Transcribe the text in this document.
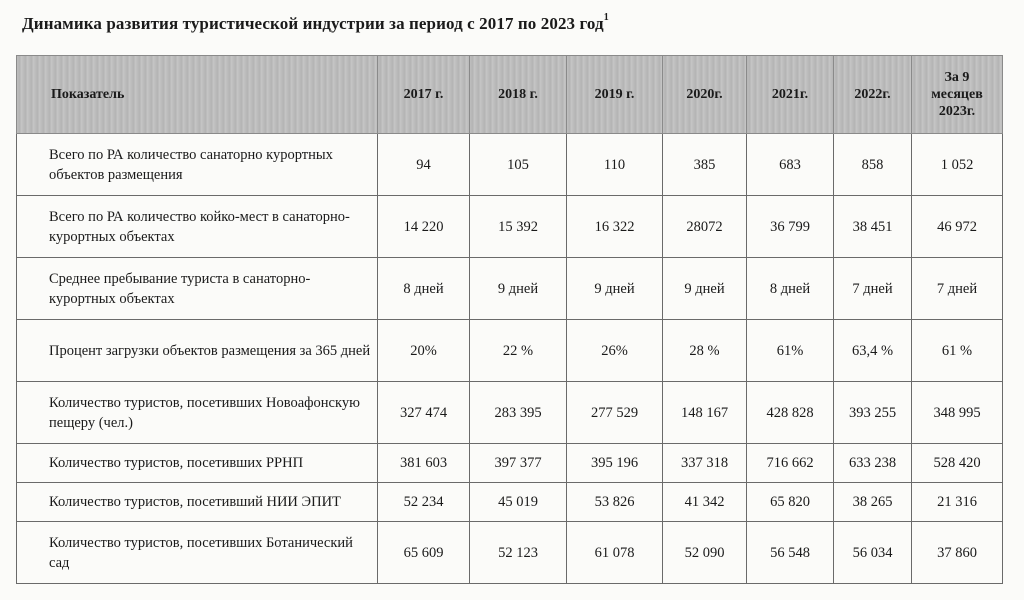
Динамика развития туристической индустрии за период с 2017 по 2023 год$^1$
Показатель	2017 г.	2018 г.	2019 г.	2020г.	2021г.	2022г.	За 9 месяцев 2023г.
Всего по РА количество санаторно курортных объектов размещения	94	105	110	385	683	858	1 052
Всего по РА количество койко-мест в санаторно-курортных объектах	14 220	15 392	16 322	28072	36 799	38 451	46 972
Среднее пребывание туриста в санаторно-курортных объектах	8 дней	9 дней	9 дней	9 дней	8 дней	7 дней	7 дней
Процент загрузки объектов размещения за 365 дней	20%	22 %	26%	28 %	61%	63,4 %	61 %
Количество туристов, посетивших Новоафонскую пещеру (чел.)	327 474	283 395	277 529	148 167	428 828	393 255	348 995
Количество туристов, посетивших РРНП	381 603	397 377	395 196	337 318	716 662	633 238	528 420
Количество туристов, посетивший НИИ ЭПИТ	52 234	45 019	53 826	41 342	65 820	38 265	21 316
Количество туристов, посетивших Ботанический сад	65 609	52 123	61 078	52 090	56 548	56 034	37 860
